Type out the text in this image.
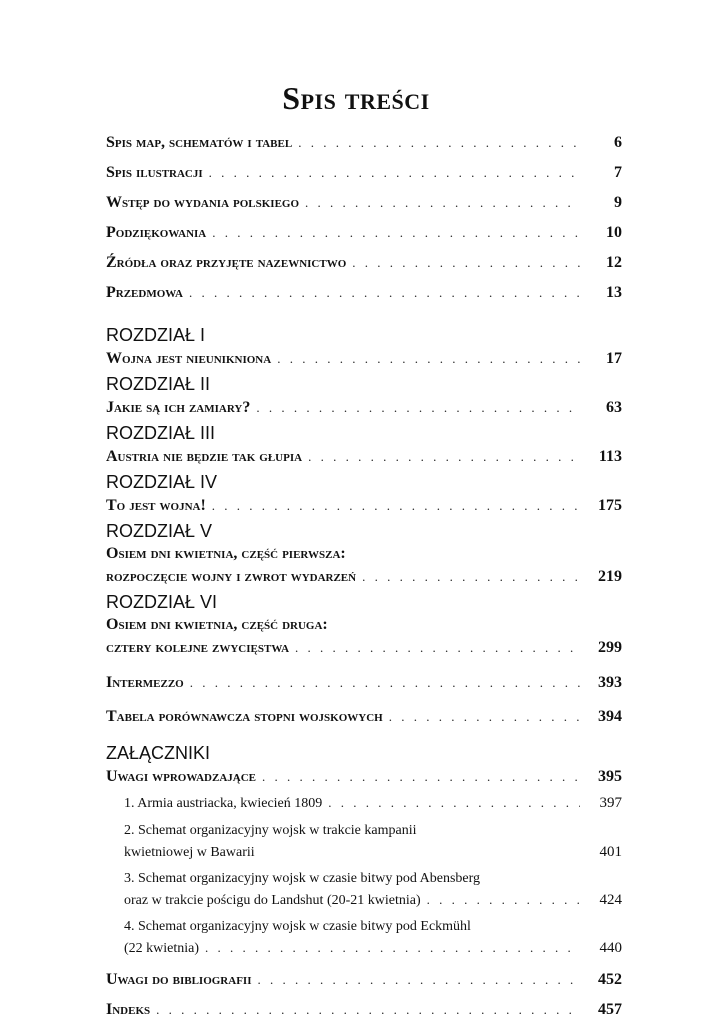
Spis treści
Spis map, schematów i tabel . . .	6
Spis ilustracji . . .	7
Wstęp do wydania polskiego . . .	9
Podziękowania . . .	10
Źródła oraz przyjęte nazewnictwo . . .	12
Przedmowa . . .	13
ROZDZIAŁ I
Wojna jest nieunikniona . . .	17
ROZDZIAŁ II
Jakie są ich zamiary? . . .	63
ROZDZIAŁ III
Austria nie będzie tak głupia . . .	113
ROZDZIAŁ IV
To jest wojna! . . .	175
ROZDZIAŁ V
Osiem dni kwietnia, część pierwsza:
rozpoczęcie wojny i zwrot wydarzeń . . .	219
ROZDZIAŁ VI
Osiem dni kwietnia, część druga:
cztery kolejne zwycięstwa . . .	299
Intermezzo . . .	393
Tabela porównawcza stopni wojskowych . . .	394
ZAŁĄCZNIKI
Uwagi wprowadzające . . .	395
1. Armia austriacka, kwiecień 1809 . . .	397
2. Schemat organizacyjny wojsk w trakcie kampanii
kwietniowej w Bawarii	401
3. Schemat organizacyjny wojsk w czasie bitwy pod Abensberg
oraz w trakcie pościgu do Landshut (20-21 kwietnia) . . .	424
4. Schemat organizacyjny wojsk w czasie bitwy pod Eckmühl
(22 kwietnia) . . .	440
Uwagi do bibliografii . . .	452
Indeks . . .	457
